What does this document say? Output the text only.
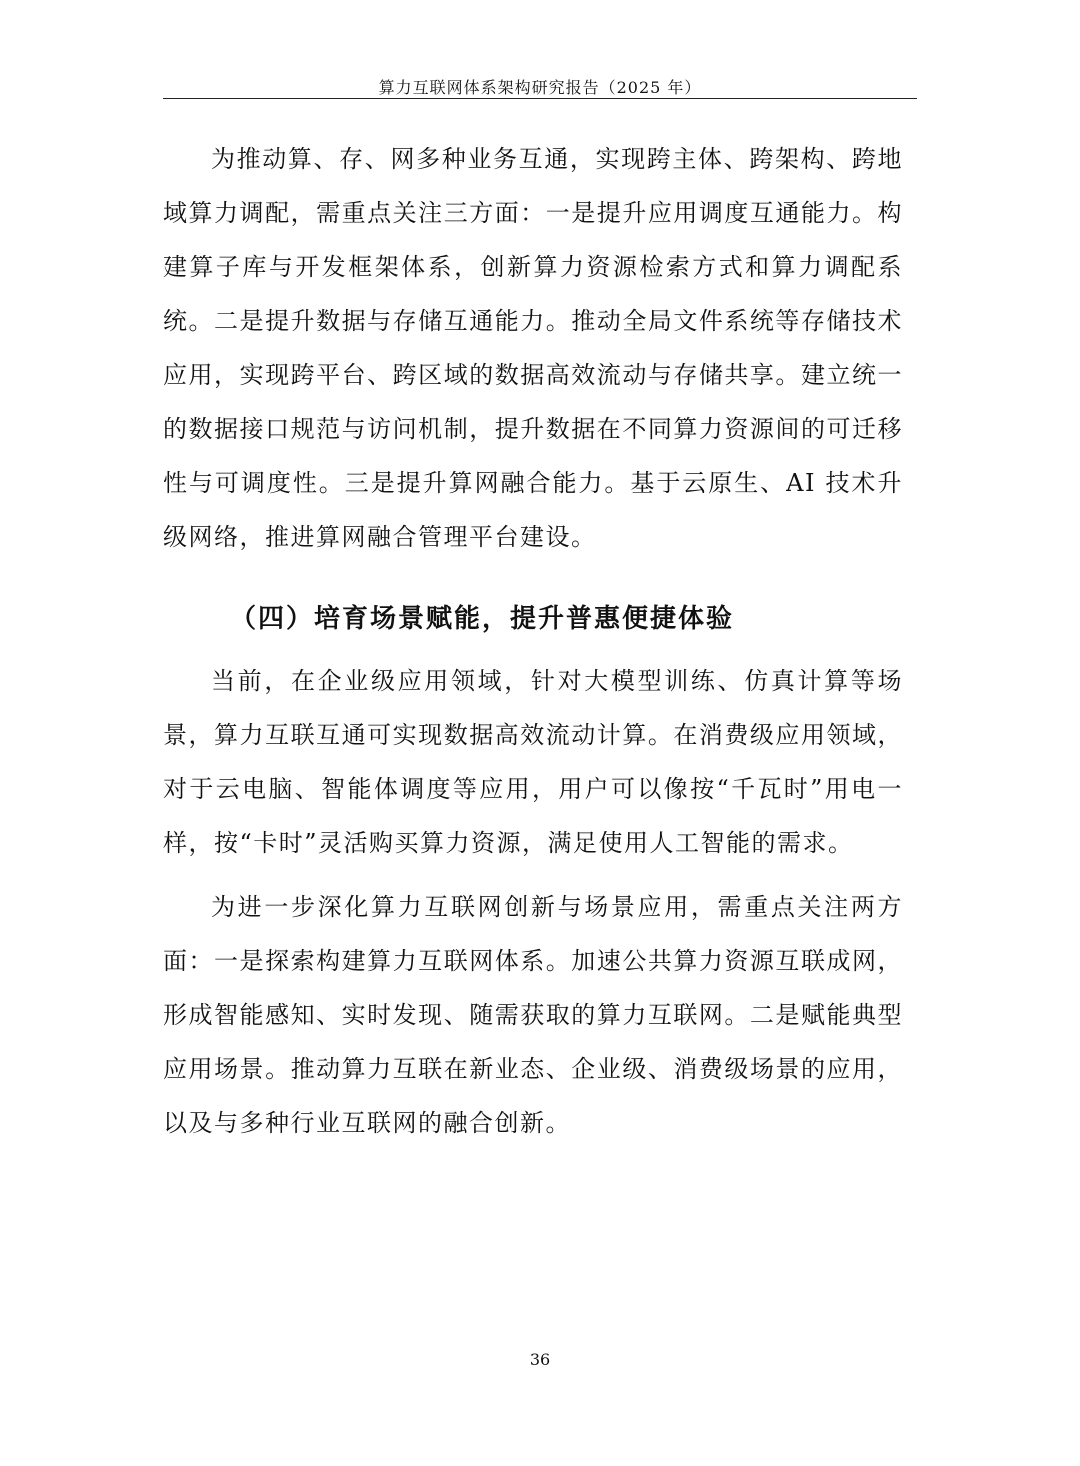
算力互联网体系架构研究报告（2025 年）

为推动算、存、网多种业务互通，实现跨主体、跨架构、跨地域算力调配，需重点关注三方面：一是提升应用调度互通能力。构建算子库与开发框架体系，创新算力资源检索方式和算力调配系统。二是提升数据与存储互通能力。推动全局文件系统等存储技术应用，实现跨平台、跨区域的数据高效流动与存储共享。建立统一的数据接口规范与访问机制，提升数据在不同算力资源间的可迁移性与可调度性。三是提升算网融合能力。基于云原生、AI 技术升级网络，推进算网融合管理平台建设。

（四）培育场景赋能，提升普惠便捷体验

当前，在企业级应用领域，针对大模型训练、仿真计算等场景，算力互联互通可实现数据高效流动计算。在消费级应用领域，对于云电脑、智能体调度等应用，用户可以像按“千瓦时”用电一样，按“卡时”灵活购买算力资源，满足使用人工智能的需求。

为进一步深化算力互联网创新与场景应用，需重点关注两方面：一是探索构建算力互联网体系。加速公共算力资源互联成网，形成智能感知、实时发现、随需获取的算力互联网。二是赋能典型应用场景。推动算力互联在新业态、企业级、消费级场景的应用，以及与多种行业互联网的融合创新。

36
